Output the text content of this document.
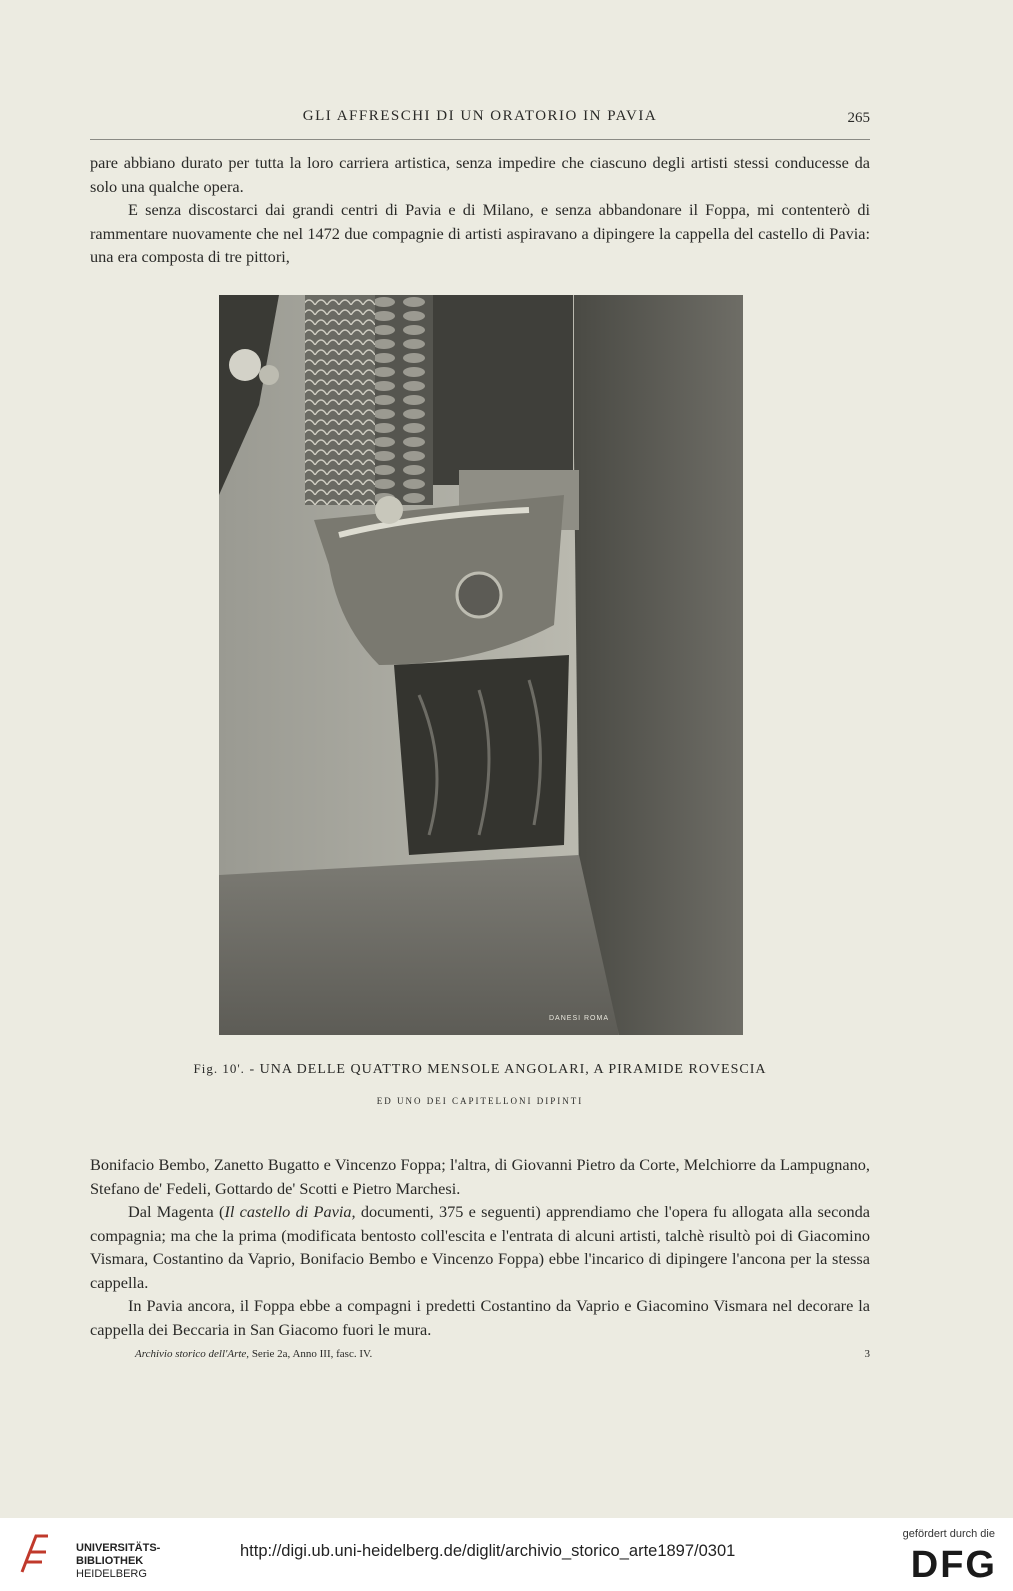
GLI AFFRESCHI DI UN ORATORIO IN PAVIA	265

pare abbiano durato per tutta la loro carriera artistica, senza impedire che ciascuno degli artisti stessi conducesse da solo una qualche opera.

E senza discostarci dai grandi centri di Pavia e di Milano, e senza abbandonare il Foppa, mi contenterò di rammentare nuovamente che nel 1472 due compagnie di artisti aspiravano a dipingere la cappella del castello di Pavia: una era composta di tre pittori,

DANESI ROMA
Fig. 10'. - UNA DELLE QUATTRO MENSOLE ANGOLARI, A PIRAMIDE ROVESCIA
ED UNO DEI CAPITELLONI DIPINTI

Bonifacio Bembo, Zanetto Bugatto e Vincenzo Foppa; l'altra, di Giovanni Pietro da Corte, Melchiorre da Lampugnano, Stefano de' Fedeli, Gottardo de' Scotti e Pietro Marchesi.

Dal Magenta (Il castello di Pavia, documenti, 375 e seguenti) apprendiamo che l'opera fu allogata alla seconda compagnia; ma che la prima (modificata bentosto coll'escita e l'entrata di alcuni artisti, talchè risultò poi di Giacomino Vismara, Costantino da Vaprio, Bonifacio Bembo e Vincenzo Foppa) ebbe l'incarico di dipingere l'ancona per la stessa cappella.

In Pavia ancora, il Foppa ebbe a compagni i predetti Costantino da Vaprio e Giacomino Vismara nel decorare la cappella dei Beccaria in San Giacomo fuori le mura.

Archivio storico dell'Arte, Serie 2a, Anno III, fasc. IV.	3
UNIVERSITÄTS-
BIBLIOTHEK
HEIDELBERG
http://digi.ub.uni-heidelberg.de/diglit/archivio_storico_arte1897/0301
gefördert durch die
DFG
